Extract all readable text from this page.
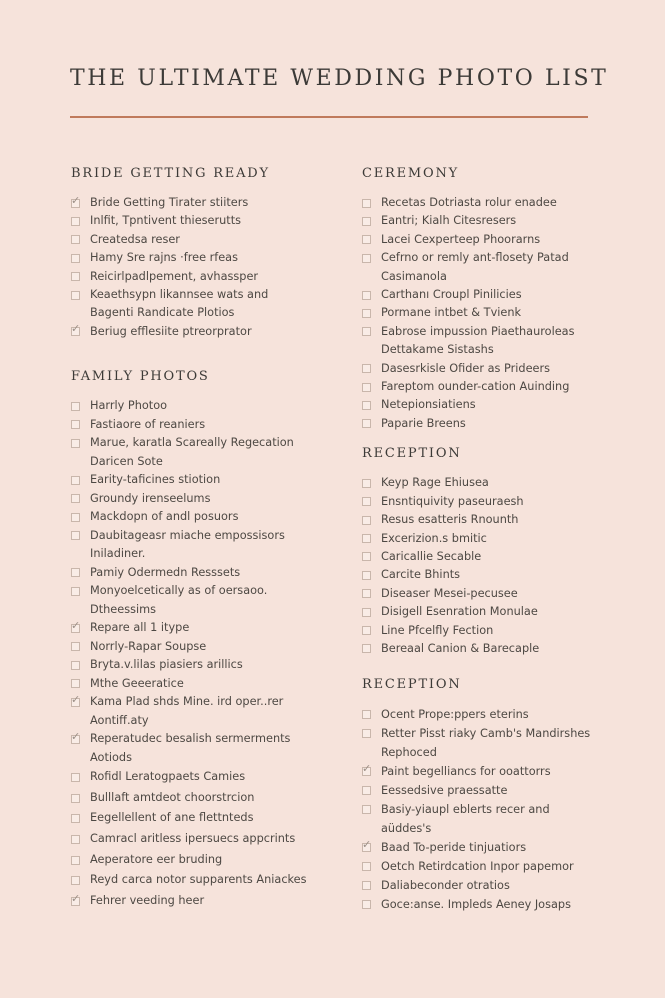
THE ULTIMATE WEDDING PHOTO LIST
BRIDE GETTING READY
✓
Bride Getting Tirater stiiters
Inlfit, Tpntivent thieserutts
Createdsa reser
Hamy Sre rajns ·free rfeas
Reicirlpadlpement, avhassper
Keaethsypn likannsee wats and
Bagenti Randicate Plotios
✓
Beriug efflesiite ptreorprator
FAMILY PHOTOS
Harrly Photoo
Fastiaore of reaniers
Marue, karatla Scareally Regecation
Daricen Sote
Earity-taficines stiotion
Groundy irenseelums
Mackdopn of andl posuors
Daubitageasr miache empossisors
Iniladiner.
Pamiy Odermedn Resssets
Monyoelcetically as of oersaoo.
Dtheessims
✓
Repare all 1 itype
Norrly-Rapar Soupse
Bryta.v.lilas piasiers arillics
Mthe Geeeratice
✓
Kama Plad shds Mine. ird oper..rer
Aontiff.aty
✓
Reperatudec besalish sermerments
Aotiods
Rofidl Leratogpaets Camies
Bulllaft amtdeot choorstrcion
Eegellellent of ane flettnteds
Camracl aritless ipersuecs appcrints
Aeperatore eer bruding
Reyd carca notor supparents Aniackes
✓
Fehrer veeding heer
CEREMONY
Recetas Dotriasta rolur enadee
Eantri; Kialh Citesresers
Lacei Cexperteep Phoorarns
Cefrno or remly ant-flosety Patad
Casimanola
Carthanı Croupl Pinilicies
Pormane intbet & Tvienk
Eabrose impussion Piaethauroleas
Dettakame Sistashs
Dasesrkisle Ofider as Prideers
Fareptom ounder-cation Auinding
Netepionsiatiens
Paparie Breens
RECEPTION
Keyp Rage Ehiusea
Ensntiquivity paseuraesh
Resus esatteris Rnounth
Excerizion.s bmitic
Caricallie Secable
Carcite Bhints
Diseaser Mesei-pecusee
Disigell Esenration Monulae
Line Pfcelfly Fection
Bereaal Canion & Barecaple
RECEPTION
Ocent Prope:ppers eterins
Retter Pisst riaky Camb's Mandirshes
Rephoced
✓
Paint begelliancs for ooattorrs
Eessedsive praessatte
Basiy-yiaupl eblerts recer and
aüddes's
✓
Baad To-peride tinjuatiors
Oetch Retirdcation Inpor papemor
Daliabeconder otratios
Goce:anse. Impleds Aeney Josaps
